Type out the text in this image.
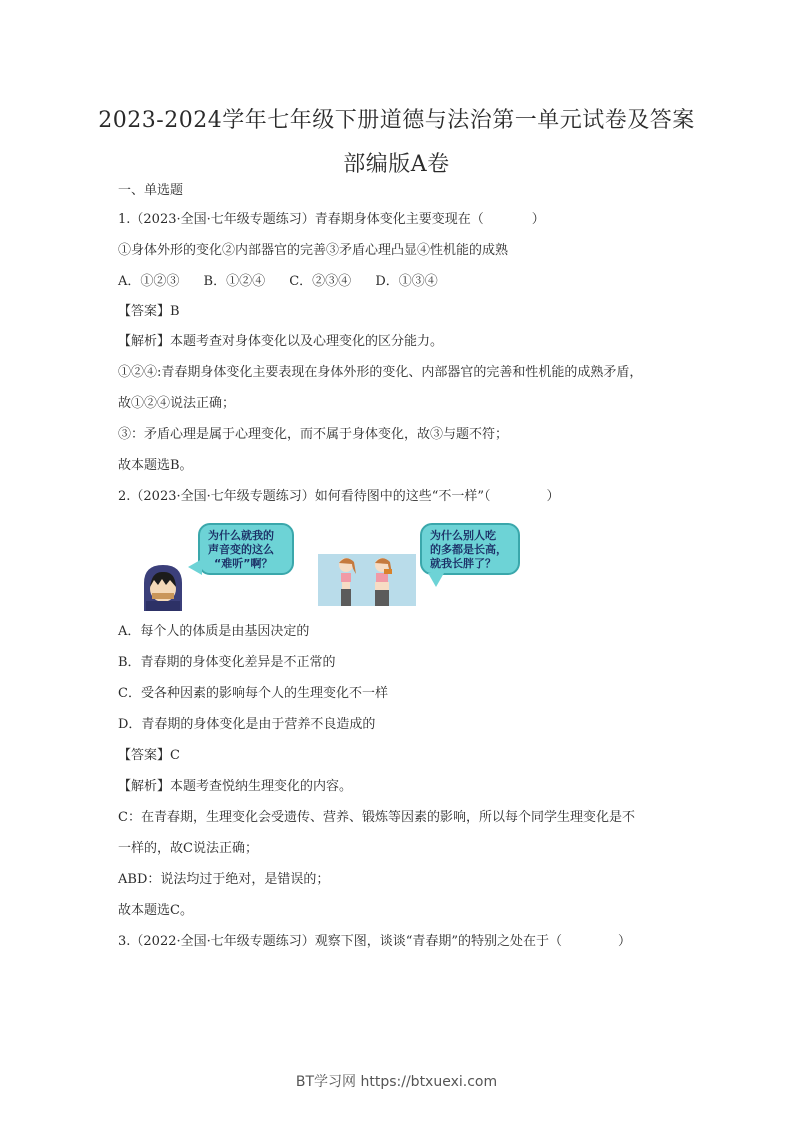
2023-2024学年七年级下册道德与法治第一单元试卷及答案
部编版A卷
一、单选题
1.（2023·全国·七年级专题练习）青春期身体变化主要变现在（	）
①身体外形的变化②内部器官的完善③矛盾心理凸显④性机能的成熟
A．①②③ B．①②④ C．②③④ D．①③④
【答案】B
【解析】本题考查对身体变化以及心理变化的区分能力。
①②④:青春期身体变化主要表现在身体外形的变化、内部器官的完善和性机能的成熟矛盾，
故①②④说法正确；
③：矛盾心理是属于心理变化，而不属于身体变化，故③与题不符；
故本题选B。
2.（2023·全国·七年级专题练习）如何看待图中的这些“不一样”（	）
为什么就我的
声音变的这么
“难听”啊？
为什么别人吃
的多都是长高，
就我长胖了？
A．每个人的体质是由基因决定的
B．青春期的身体变化差异是不正常的
C．受各种因素的影响每个人的生理变化不一样
D．青春期的身体变化是由于营养不良造成的
【答案】C
【解析】本题考查悦纳生理变化的内容。
C：在青春期，生理变化会受遗传、营养、锻炼等因素的影响，所以每个同学生理变化是不
一样的，故C说法正确；
ABD：说法均过于绝对，是错误的；
故本题选C。
3.（2022·全国·七年级专题练习）观察下图，谈谈“青春期”的特别之处在于（	）
BT学习网 https://btxuexi.com
